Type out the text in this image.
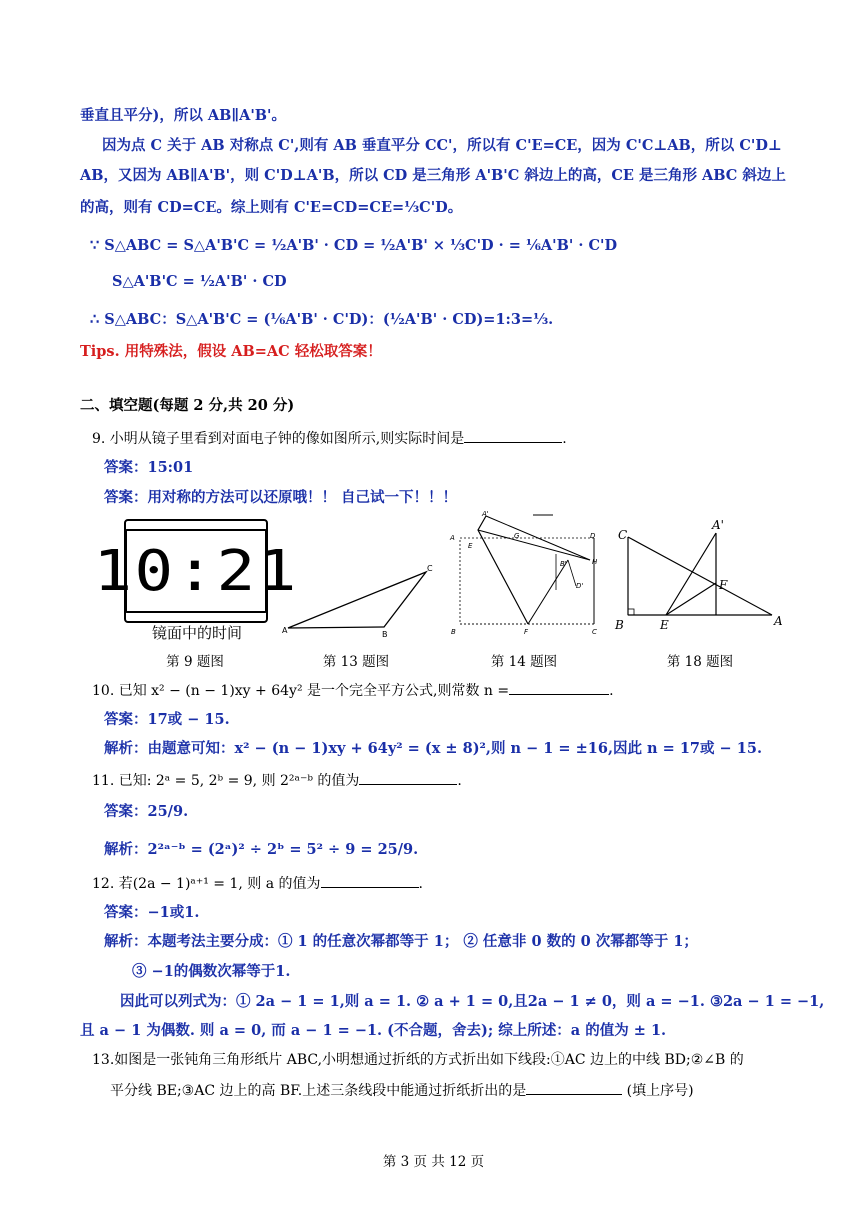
垂直且平分)，所以 AB∥A'B'。
因为点 C 关于 AB 对称点 C',则有 AB 垂直平分 CC'，所以有 C'E=CE，因为 C'C⊥AB，所以 C'D⊥
AB，又因为 AB∥A'B'，则 C'D⊥A'B，所以 CD 是三角形 A'B'C 斜边上的高，CE 是三角形 ABC 斜边上
的高，则有 CD=CE。综上则有 C'E=CD=CE=⅓C'D。
∵ S△ABC = S△A'B'C = ½A'B' · CD = ½A'B' × ⅓C'D · = ⅙A'B' · C'D
S△A'B'C = ½A'B' · CD
∴ S△ABC：S△A'B'C = (⅙A'B' · C'D)：(½A'B' · CD)=1:3=⅓.
Tips. 用特殊法，假设 AB=AC 轻松取答案！
二、填空题(每题 2 分,共 20 分)
9. 小明从镜子里看到对面电子钟的像如图所示,则实际时间是	.
答案：15:01
答案：用对称的方法可以还原哦！！ 自己试一下！！！
10:21
镜面中的时间	A	B
C
A
A'
E
G	D
H
B'
D'
B	F	C
C
A'
F
B	E	A
第 9 题图	第 13 题图	第 14 题图	第 18 题图
10. 已知 x² − (n − 1)xy + 64y² 是一个完全平方公式,则常数 n =	.
答案：17或 − 15.
解析：由题意可知：x² − (n − 1)xy + 64y² = (x ± 8)²,则 n − 1 = ±16,因此 n = 17或 − 15.
11. 已知: 2ᵃ = 5, 2ᵇ = 9, 则 2²ᵃ⁻ᵇ 的值为	.
答案：25/9.
解析：2²ᵃ⁻ᵇ = (2ᵃ)² ÷ 2ᵇ = 5² ÷ 9 = 25/9.
12. 若(2a − 1)ᵃ⁺¹ = 1, 则 a 的值为	.
答案：−1或1.
解析：本题考法主要分成：① 1 的任意次幂都等于 1； ② 任意非 0 数的 0 次幂都等于 1；
③ −1的偶数次幂等于1.
因此可以列式为：① 2a − 1 = 1,则 a = 1. ② a + 1 = 0,且2a − 1 ≠ 0，则 a = −1. ③2a − 1 = −1,
且 a − 1 为偶数. 则 a = 0, 而 a − 1 = −1. (不合题，舍去); 综上所述：a 的值为 ± 1.
13.如图是一张钝角三角形纸片 ABC,小明想通过折纸的方式折出如下线段:①AC 边上的中线 BD;②∠B 的
平分线 BE;③AC 边上的高 BF.上述三条线段中能通过折纸折出的是	(填上序号)
第 3 页 共 12 页
